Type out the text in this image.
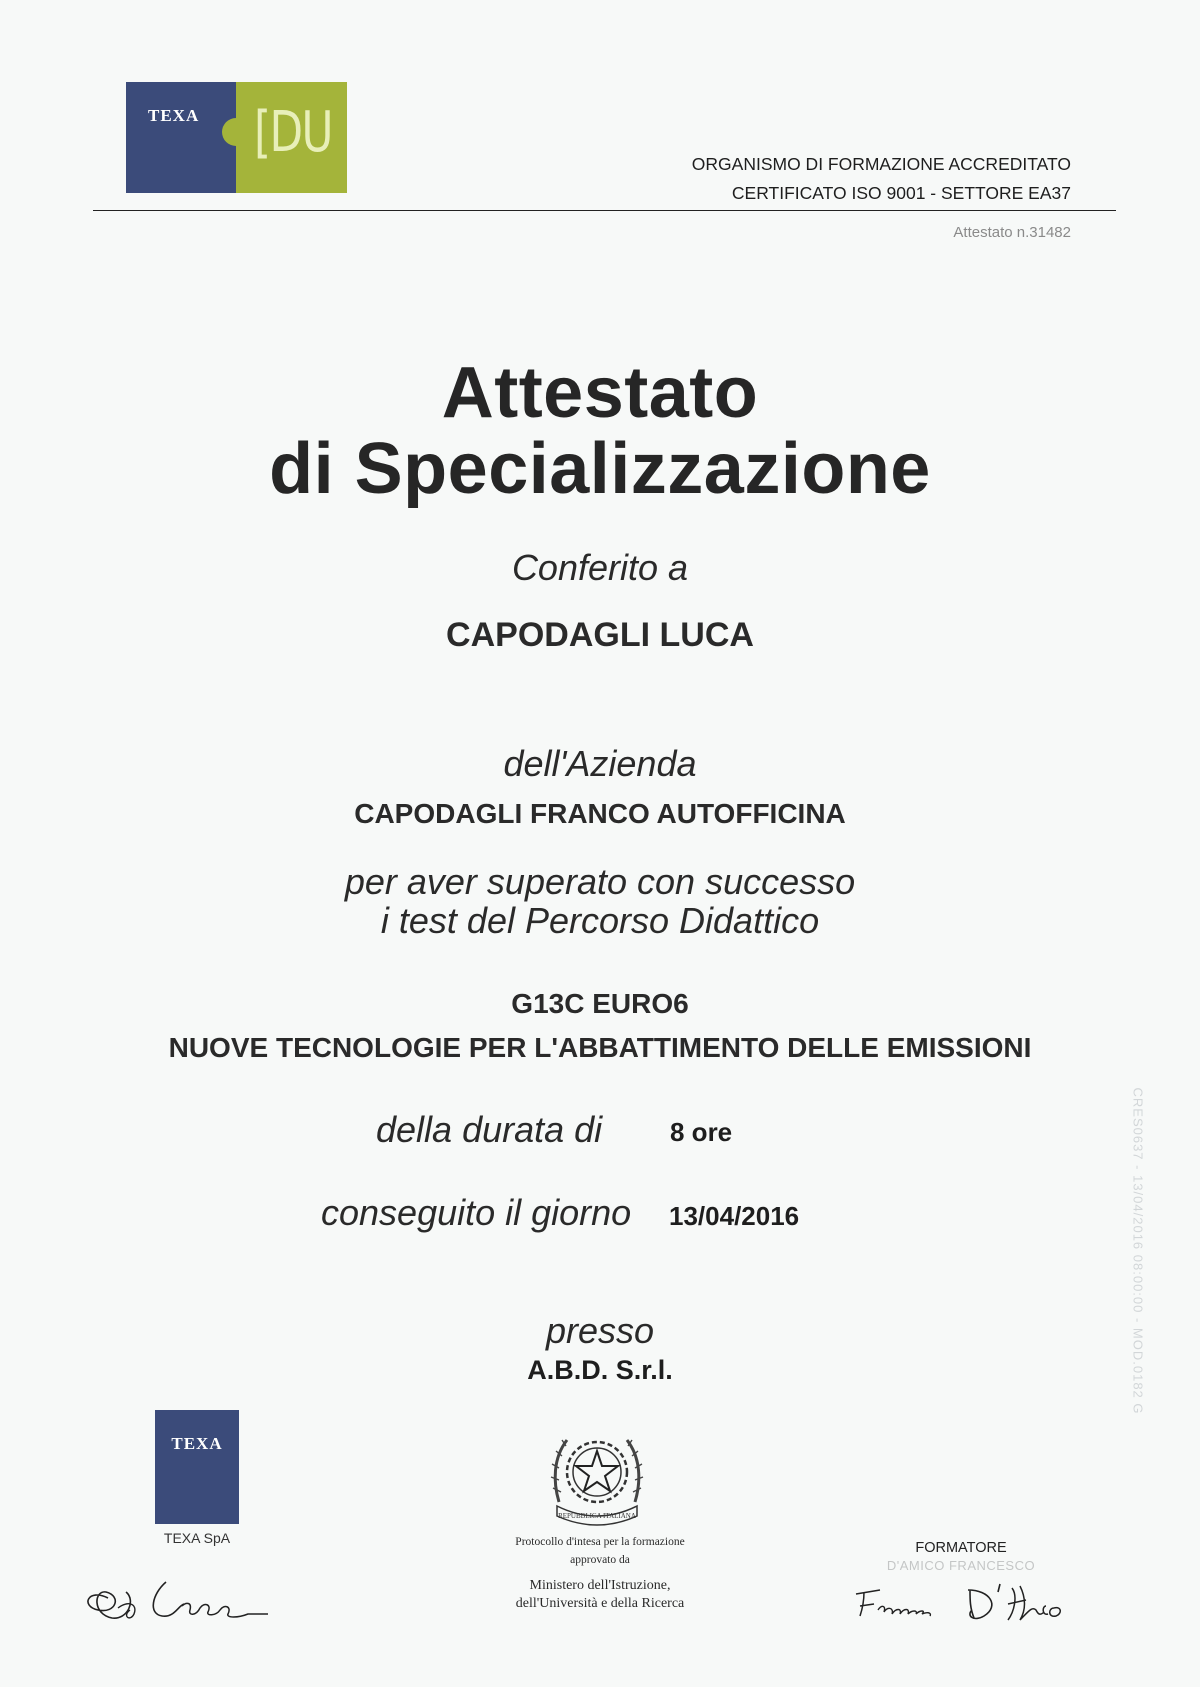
TEXA [DU	ORGANISMO DI FORMAZIONE ACCREDITATO
CERTIFICATO ISO 9001 - SETTORE EA37
Attestato n.31482
Attestato
di Specializzazione
Conferito a
CAPODAGLI LUCA
dell'Azienda
CAPODAGLI FRANCO AUTOFFICINA
per aver superato con successo
i test del Percorso Didattico
G13C EURO6
NUOVE TECNOLOGIE PER L'ABBATTIMENTO DELLE EMISSIONI
della durata di	8 ore
conseguito il giorno 13/04/2016
presso
A.B.D. S.r.l.
TEXA
TEXA SpA
REPUBBLICA ITALIANA
Protocollo d'intesa per la formazione
approvato da
Ministero dell'Istruzione,
dell'Università e della Ricerca
FORMATORE
D'AMICO FRANCESCO
CRES0637 - 13/04/2016 08:00:00 - MOD.0182 G
